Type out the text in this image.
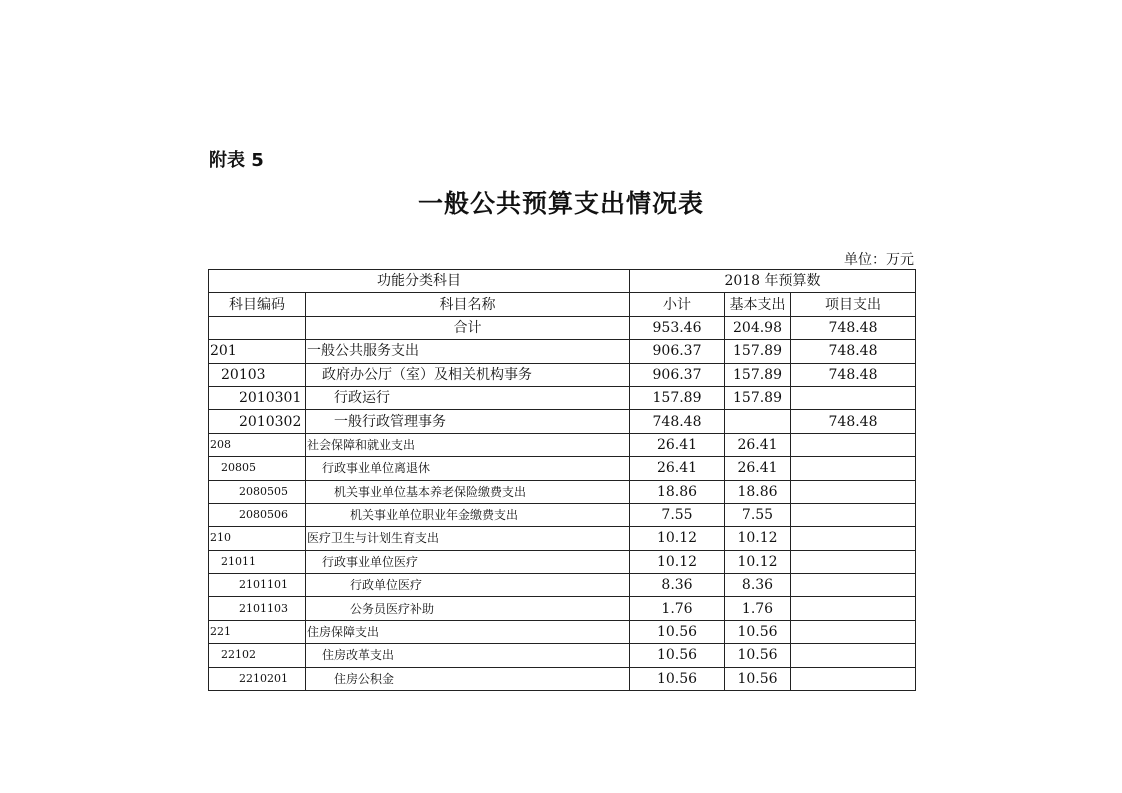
附表 5
一般公共预算支出情况表
单位：万元
功能分类科目		2018 年预算数		
科目编码	科目名称	小计	基本支出	项目支出
	合计	953.46	204.98	748.48
201	一般公共服务支出	906.37	157.89	748.48
20103	政府办公厅（室）及相关机构事务	906.37	157.89	748.48
2010301	行政运行	157.89	157.89	
2010302	一般行政管理事务	748.48		748.48
208	社会保障和就业支出	26.41	26.41	
20805	行政事业单位离退休	26.41	26.41	
2080505	机关事业单位基本养老保险缴费支出	18.86	18.86	
2080506	机关事业单位职业年金缴费支出	7.55	7.55	
210	医疗卫生与计划生育支出	10.12	10.12	
21011	行政事业单位医疗	10.12	10.12	
2101101	行政单位医疗	8.36	8.36	
2101103	公务员医疗补助	1.76	1.76	
221	住房保障支出	10.56	10.56	
22102	住房改革支出	10.56	10.56	
2210201	住房公积金	10.56	10.56	
